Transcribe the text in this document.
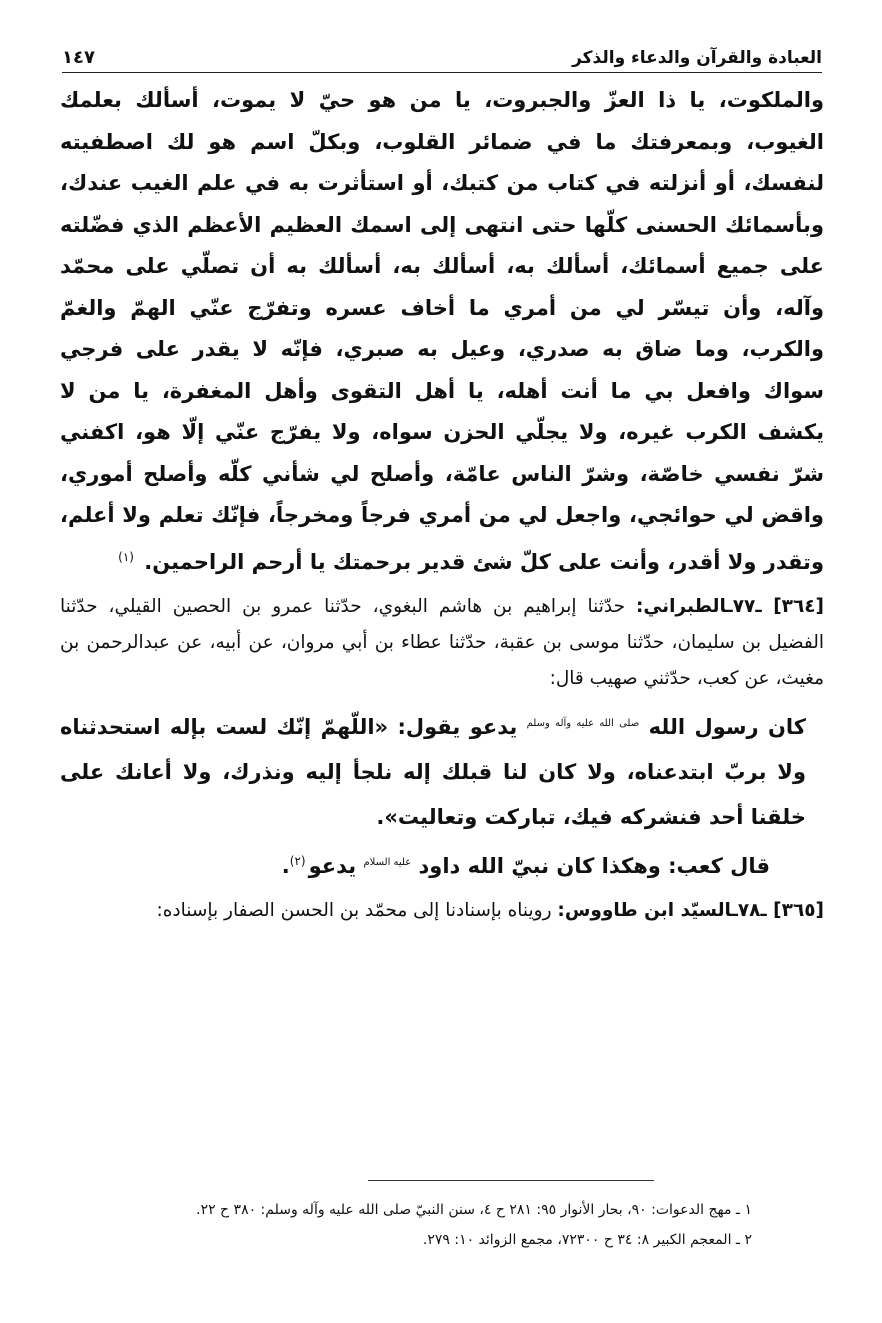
العبادة والقرآن والدعاء والذكر
١٤٧

والملكوت، يا ذا العزّ والجبروت، يا من هو حيّ لا يموت، أسألك بعلمك الغيوب، وبمعرفتك ما في ضمائر القلوب، وبكلّ اسم هو لك اصطفيته لنفسك، أو أنزلته في كتاب من كتبك، أو استأثرت به في علم الغيب عندك، وبأسمائك الحسنى كلّها حتى انتهى إلى اسمك العظيم الأعظم الذي فضّلته على جميع أسمائك، أسألك به، أسألك به، أسألك به أن تصلّي على محمّد وآله، وأن تيسّر لي من أمري ما أخاف عسره وتفرّج عنّي الهمّ والغمّ والكرب، وما ضاق به صدري، وعيل به صبري، فإنّه لا يقدر على فرجي سواك وافعل بي ما أنت أهله، يا أهل التقوى وأهل المغفرة، يا من لا يكشف الكرب غيره، ولا يجلّي الحزن سواه، ولا يفرّج عنّي إلّا هو، اكفني شرّ نفسي خاصّة، وشرّ الناس عامّة، وأصلح لي شأني كلّه وأصلح أموري، واقض لي حوائجي، واجعل لي من أمري فرجاً ومخرجاً، فإنّك تعلم ولا أعلم، وتقدر ولا أقدر، وأنت على كلّ شئ قدير برحمتك يا أرحم الراحمين. $^{(١)}$

[٣٦٤] ـ٧٧ـالطبراني: حدّثنا إبراهيم بن هاشم البغوي، حدّثنا عمرو بن الحصين القيلي، حدّثنا الفضيل بن سليمان، حدّثنا موسى بن عقبة، حدّثنا عطاء بن أبي مروان، عن أبيه، عن عبدالرحمن بن مغيث، عن كعب، حدّثني صهيب قال:

كان رسول الله $^{صلى الله عليه وآله وسلم}$ يدعو يقول: «اللّهمّ إنّك لست بإله استحدثناه ولا بربّ ابتدعناه، ولا كان لنا قبلك إله نلجأ إليه ونذرك، ولا أعانك على خلقنا أحد فنشركه فيك، تباركت وتعاليت».

قال كعب: وهكذا كان نبيّ الله داود $^{عليه السلام}$ يدعو$^{(٢)}$.

[٣٦٥] ـ٧٨ـالسيّد ابن طاووس: رويناه بإسنادنا إلى محمّد بن الحسن الصفار بإسناده:

١ ـ مهج الدعوات: ٩٠، بحار الأنوار ٩٥: ٢٨١ ح ٤، سنن النبيّ صلى الله عليه وآله وسلم: ٣٨٠ ح ٢٢.

٢ ـ المعجم الكبير ٨: ٣٤ ح ٧٢٣٠٠، مجمع الزوائد ١٠: ٢٧٩.
